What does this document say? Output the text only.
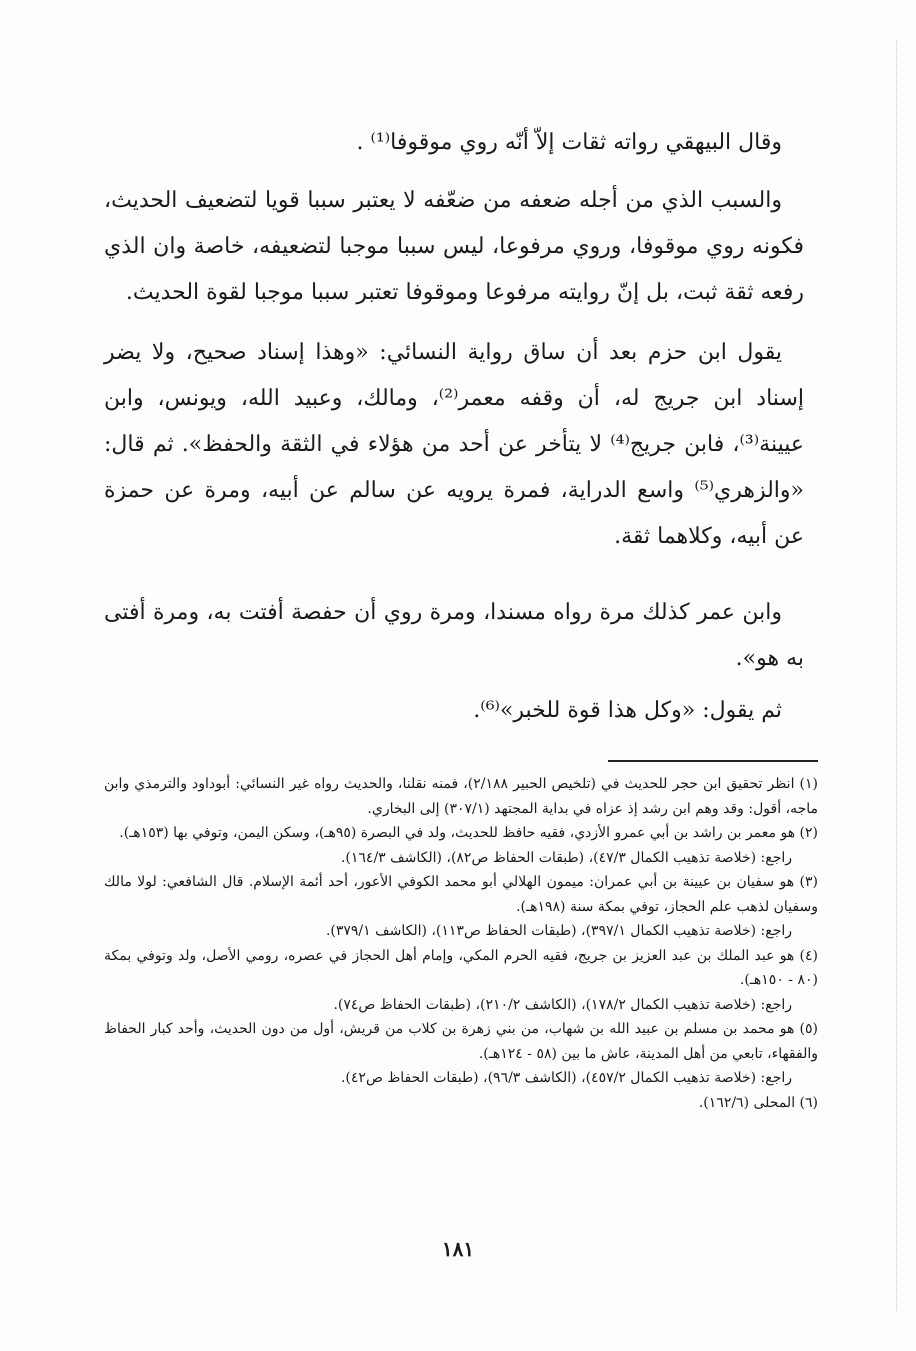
وقال البيهقي رواته ثقات إلاّ أنّه روي موقوفا⁽¹⁾ .

والسبب الذي من أجله ضعفه من ضعّفه لا يعتبر سببا قويا لتضعيف الحديث، فكونه روي موقوفا، وروي مرفوعا، ليس سببا موجبا لتضعيفه، خاصة وان الذي رفعه ثقة ثبت، بل إنّ روايته مرفوعا وموقوفا تعتبر سببا موجبا لقوة الحديث.

يقول ابن حزم بعد أن ساق رواية النسائي: «وهذا إسناد صحيح، ولا يضر إسناد ابن جريج له، أن وقفه معمر⁽²⁾، ومالك، وعبيد الله، ويونس، وابن عيينة⁽³⁾، فابن جريج⁽⁴⁾ لا يتأخر عن أحد من هؤلاء في الثقة والحفظ». ثم قال: «والزهري⁽⁵⁾ واسع الدراية، فمرة يرويه عن سالم عن أبيه، ومرة عن حمزة عن أبيه، وكلاهما ثقة.

وابن عمر كذلك مرة رواه مسندا، ومرة روي أن حفصة أفتت به، ومرة أفتى به هو».

ثم يقول: «وكل هذا قوة للخبر»⁽⁶⁾.

(١) انظر تحقيق ابن حجر للحديث في (تلخيص الحبير ٢/١٨٨)، فمنه نقلنا، والحديث رواه غير النسائي: أبوداود والترمذي وابن ماجه، أقول: وقد وهم ابن رشد إذ عزاه في بداية المجتهد (٣٠٧/١) إلى البخاري.

(٢) هو معمر بن راشد بن أبي عمرو الأزدي، فقيه حافظ للحديث، ولد في البصرة (٩٥هـ)، وسكن اليمن، وتوفي بها (١٥٣هـ).

راجع: (خلاصة تذهيب الكمال ٤٧/٣)، (طبقات الحفاظ ص٨٢)، (الكاشف ١٦٤/٣).

(٣) هو سفيان بن عيينة بن أبي عمران: ميمون الهلالي أبو محمد الكوفي الأعور، أحد أئمة الإسلام. قال الشافعي: لولا مالك وسفيان لذهب علم الحجاز، توفي بمكة سنة (١٩٨هـ).

راجع: (خلاصة تذهيب الكمال ٣٩٧/١)، (طبقات الحفاظ ص١١٣)، (الكاشف ٣٧٩/١).

(٤) هو عبد الملك بن عبد العزيز بن جريج، فقيه الحرم المكي، وإمام أهل الحجاز في عصره، رومي الأصل، ولد وتوفي بمكة (٨٠ - ١٥٠هـ).

راجع: (خلاصة تذهيب الكمال ١٧٨/٢)، (الكاشف ٢١٠/٢)، (طبقات الحفاظ ص٧٤).

(٥) هو محمد بن مسلم بن عبيد الله بن شهاب، من بني زهرة بن كلاب من قريش، أول من دون الحديث، وأحد كبار الحفاظ والفقهاء، تابعي من أهل المدينة، عاش ما بين (٥٨ - ١٢٤هـ).

راجع: (خلاصة تذهيب الكمال ٤٥٧/٢)، (الكاشف ٩٦/٣)، (طبقات الحفاظ ص٤٢).

(٦) المحلى (١٦٢/٦).

١٨١
